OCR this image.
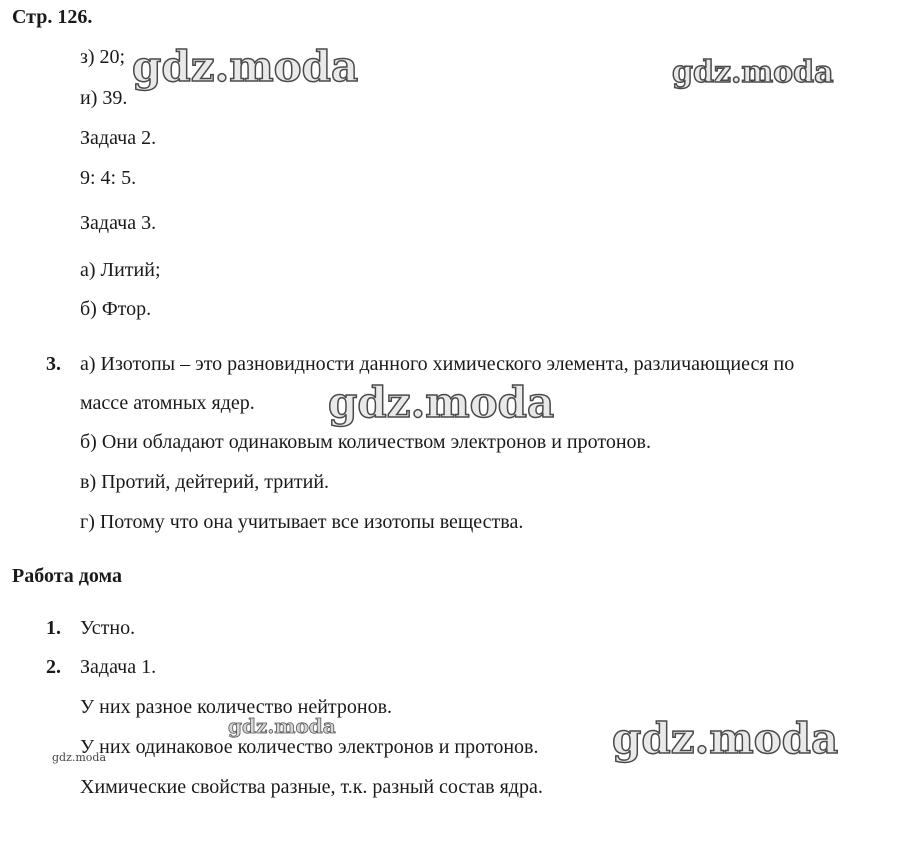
Стр. 126.
з) 20;
и) 39.
Задача 2.
9: 4: 5.
Задача 3.
а) Литий;
б) Фтор.
3. а) Изотопы – это разновидности данного химического элемента, различающиеся по
массе атомных ядер.
б) Они обладают одинаковым количеством электронов и протонов.
в) Протий, дейтерий, тритий.
г) Потому что она учитывает все изотопы вещества.
Работа дома
1. Устно.
2. Задача 1.
У них разное количество нейтронов.
У них одинаковое количество электронов и протонов.
Химические свойства разные, т.к. разный состав ядра.
gdz.moda	gdz.moda
gdz.moda
gdz.moda	gdz.moda
gdz.moda
